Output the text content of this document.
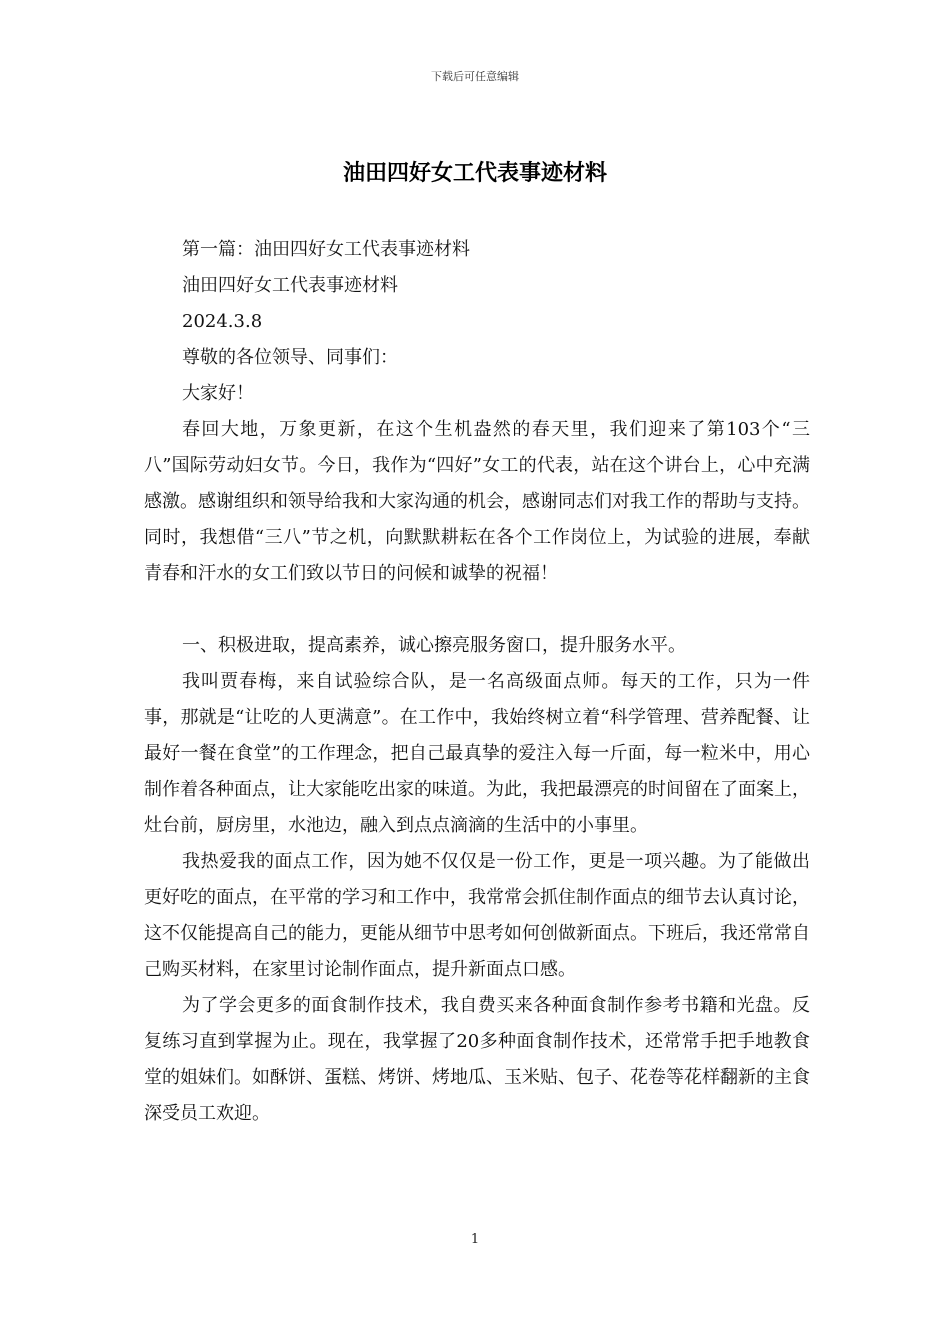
下载后可任意编辑
油田四好女工代表事迹材料

第一篇：油田四好女工代表事迹材料

油田四好女工代表事迹材料

2024.3.8

尊敬的各位领导、同事们：

大家好！

春回大地，万象更新，在这个生机盎然的春天里，我们迎来了第103个“三八”国际劳动妇女节。今日，我作为“四好”女工的代表，站在这个讲台上，心中充满感激。感谢组织和领导给我和大家沟通的机会，感谢同志们对我工作的帮助与支持。同时，我想借“三八”节之机，向默默耕耘在各个工作岗位上，为试验的进展，奉献青春和汗水的女工们致以节日的问候和诚挚的祝福！

一、积极进取，提高素养，诚心擦亮服务窗口，提升服务水平。

我叫贾春梅，来自试验综合队，是一名高级面点师。每天的工作，只为一件事，那就是“让吃的人更满意”。在工作中，我始终树立着“科学管理、营养配餐、让最好一餐在食堂”的工作理念，把自己最真挚的爱注入每一斤面，每一粒米中，用心制作着各种面点，让大家能吃出家的味道。为此，我把最漂亮的时间留在了面案上，灶台前，厨房里，水池边，融入到点点滴滴的生活中的小事里。

我热爱我的面点工作，因为她不仅仅是一份工作，更是一项兴趣。为了能做出更好吃的面点，在平常的学习和工作中，我常常会抓住制作面点的细节去认真讨论，这不仅能提高自己的能力，更能从细节中思考如何创做新面点。下班后，我还常常自己购买材料，在家里讨论制作面点，提升新面点口感。

为了学会更多的面食制作技术，我自费买来各种面食制作参考书籍和光盘。反复练习直到掌握为止。现在，我掌握了20多种面食制作技术，还常常手把手地教食堂的姐妹们。如酥饼、蛋糕、烤饼、烤地瓜、玉米贴、包子、花卷等花样翻新的主食深受员工欢迎。

1
